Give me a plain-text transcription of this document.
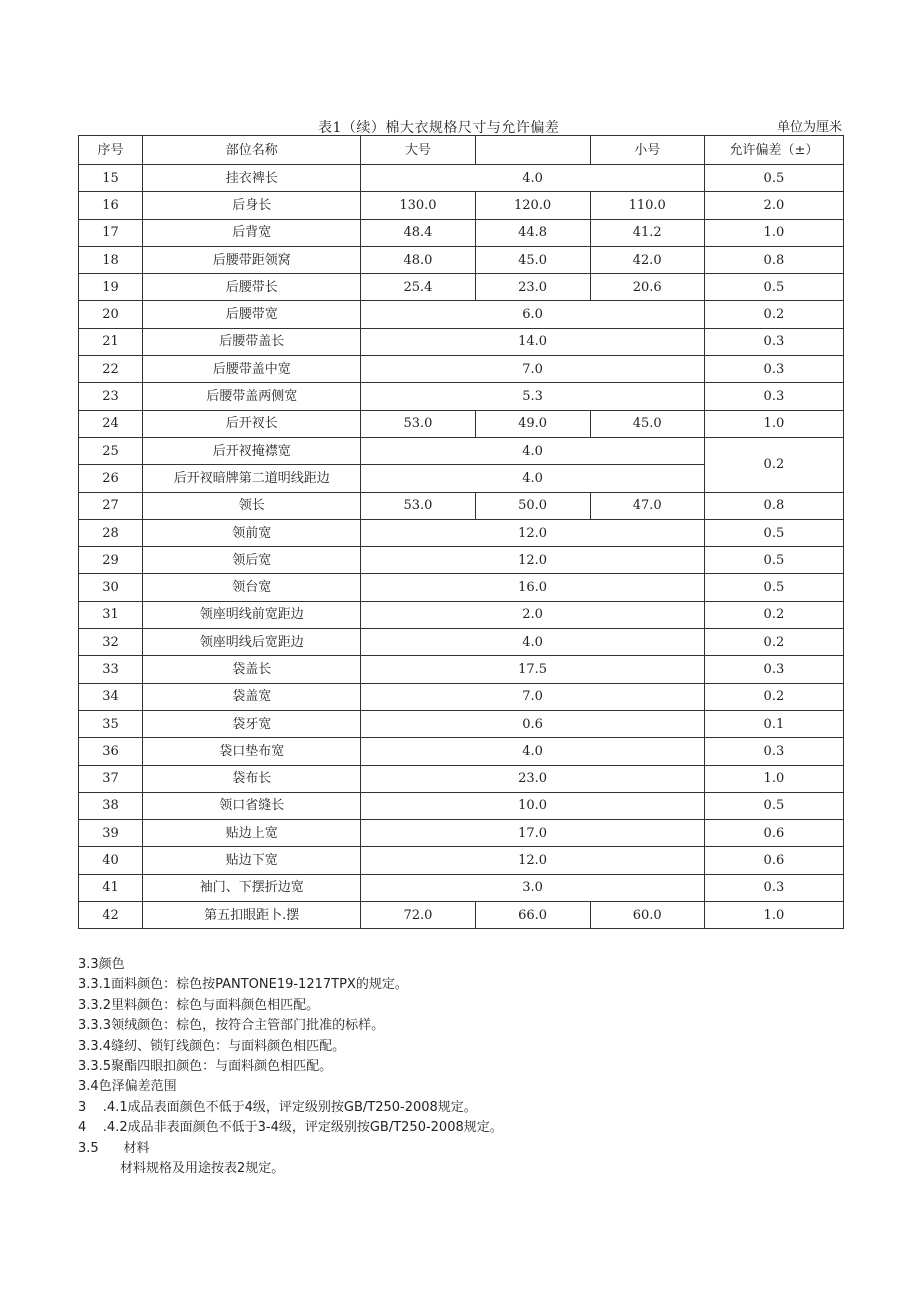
表1（续）棉大衣规格尺寸与允许偏差	单位为厘米
序号	部位名称	大号		小号	允许偏差（±）
15	挂衣裨长	4.0			0.5
16	后身长	130.0	120.0	110.0	2.0
17	后背宽	48.4	44.8	41.2	1.0
18	后腰带距领窝	48.0	45.0	42.0	0.8
19	后腰带长	25.4	23.0	20.6	0.5
20	后腰带宽	6.0			0.2
21	后腰带盖长	14.0			0.3
22	后腰带盖中宽	7.0			0.3
23	后腰带盖两侧宽	5.3			0.3
24	后开衩长	53.0	49.0	45.0	1.0
25	后开衩掩襟宽	4.0			0.2
26	后开衩暗牌第二道明线距边	4.0			
27	领长	53.0	50.0	47.0	0.8
28	领前宽	12.0			0.5
29	领后宽	12.0			0.5
30	领台宽	16.0			0.5
31	领座明线前宽距边	2.0			0.2
32	领座明线后宽距边	4.0			0.2
33	袋盖长	17.5			0.3
34	袋盖宽	7.0			0.2
35	袋牙宽	0.6			0.1
36	袋口垫布宽	4.0			0.3
37	袋布长	23.0			1.0
38	领口省缝长	10.0			0.5
39	贴边上宽	17.0			0.6
40	贴边下宽	12.0			0.6
41	袖门、下摆折边宽	3.0			0.3
42	第五扣眼距卜.摆	72.0	66.0	60.0	1.0
3.3颜色
3.3.1面料颜色：棕色按PANTONE19-1217TPX的规定。
3.3.2里料颜色：棕色与面料颜色相匹配。
3.3.3领绒颜色：棕色，按符合主管部门批准的标样。
3.3.4缝纫、锁钉线颜色：与面料颜色相匹配。
3.3.5聚酯四眼扣颜色：与面料颜色相匹配。
3.4色泽偏差范围
3    .4.1成品表面颜色不低于4级，评定级别按GB/T250-2008规定。
4    .4.2成品非表面颜色不低于3-4级，评定级别按GB/T250-2008规定。
3.5      材料
材料规格及用途按表2规定。
